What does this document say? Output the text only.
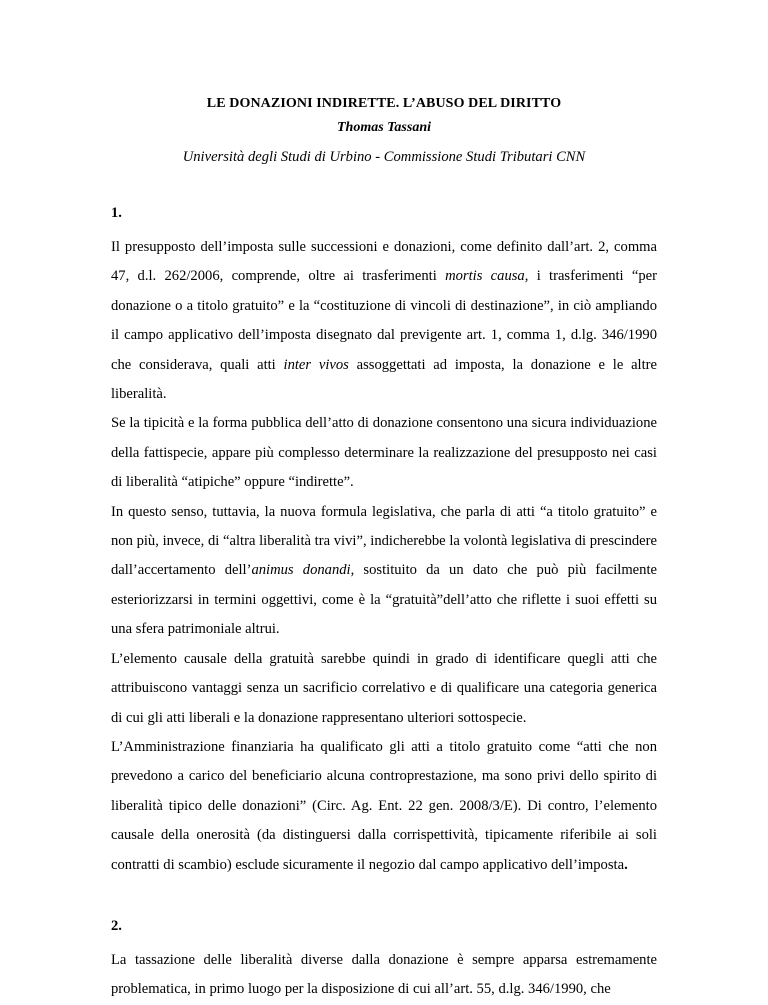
LE DONAZIONI INDIRETTE. L’ABUSO DEL DIRITTO
Thomas Tassani
Università degli Studi di Urbino - Commissione Studi Tributari CNN
1.

Il presupposto dell’imposta sulle successioni e donazioni, come definito dall’art. 2, comma 47, d.l. 262/2006, comprende, oltre ai trasferimenti mortis causa, i trasferimenti “per donazione o a titolo gratuito” e la “costituzione di vincoli di destinazione”, in ciò ampliando il campo applicativo dell’imposta disegnato dal previgente art. 1, comma 1, d.lg. 346/1990 che considerava, quali atti inter vivos assoggettati ad imposta, la donazione e le altre liberalità.

Se la tipicità e la forma pubblica dell’atto di donazione consentono una sicura individuazione della fattispecie, appare più complesso determinare la realizzazione del presupposto nei casi di liberalità “atipiche” oppure “indirette”.

In questo senso, tuttavia, la nuova formula legislativa, che parla di atti “a titolo gratuito” e non più, invece, di “altra liberalità tra vivi”, indicherebbe la volontà legislativa di prescindere dall’accertamento dell’animus donandi, sostituito da un dato che può più facilmente esteriorizzarsi in termini oggettivi, come è la “gratuità”dell’atto che riflette i suoi effetti su una sfera patrimoniale altrui.

L’elemento causale della gratuità sarebbe quindi in grado di identificare quegli atti che attribuiscono vantaggi senza un sacrificio correlativo e di qualificare una categoria generica di cui gli atti liberali e la donazione rappresentano ulteriori sottospecie.

L’Amministrazione finanziaria ha qualificato gli atti a titolo gratuito come “atti che non prevedono a carico del beneficiario alcuna controprestazione, ma sono privi dello spirito di liberalità tipico delle donazioni” (Circ. Ag. Ent. 22 gen. 2008/3/E). Di contro, l’elemento causale della onerosità (da distinguersi dalla corrispettività, tipicamente riferibile ai soli contratti di scambio) esclude sicuramente il negozio dal campo applicativo dell’imposta.

2.

La tassazione delle liberalità diverse dalla donazione è sempre apparsa estremamente problematica, in primo luogo per la disposizione di cui all’art. 55, d.lg. 346/1990, che
